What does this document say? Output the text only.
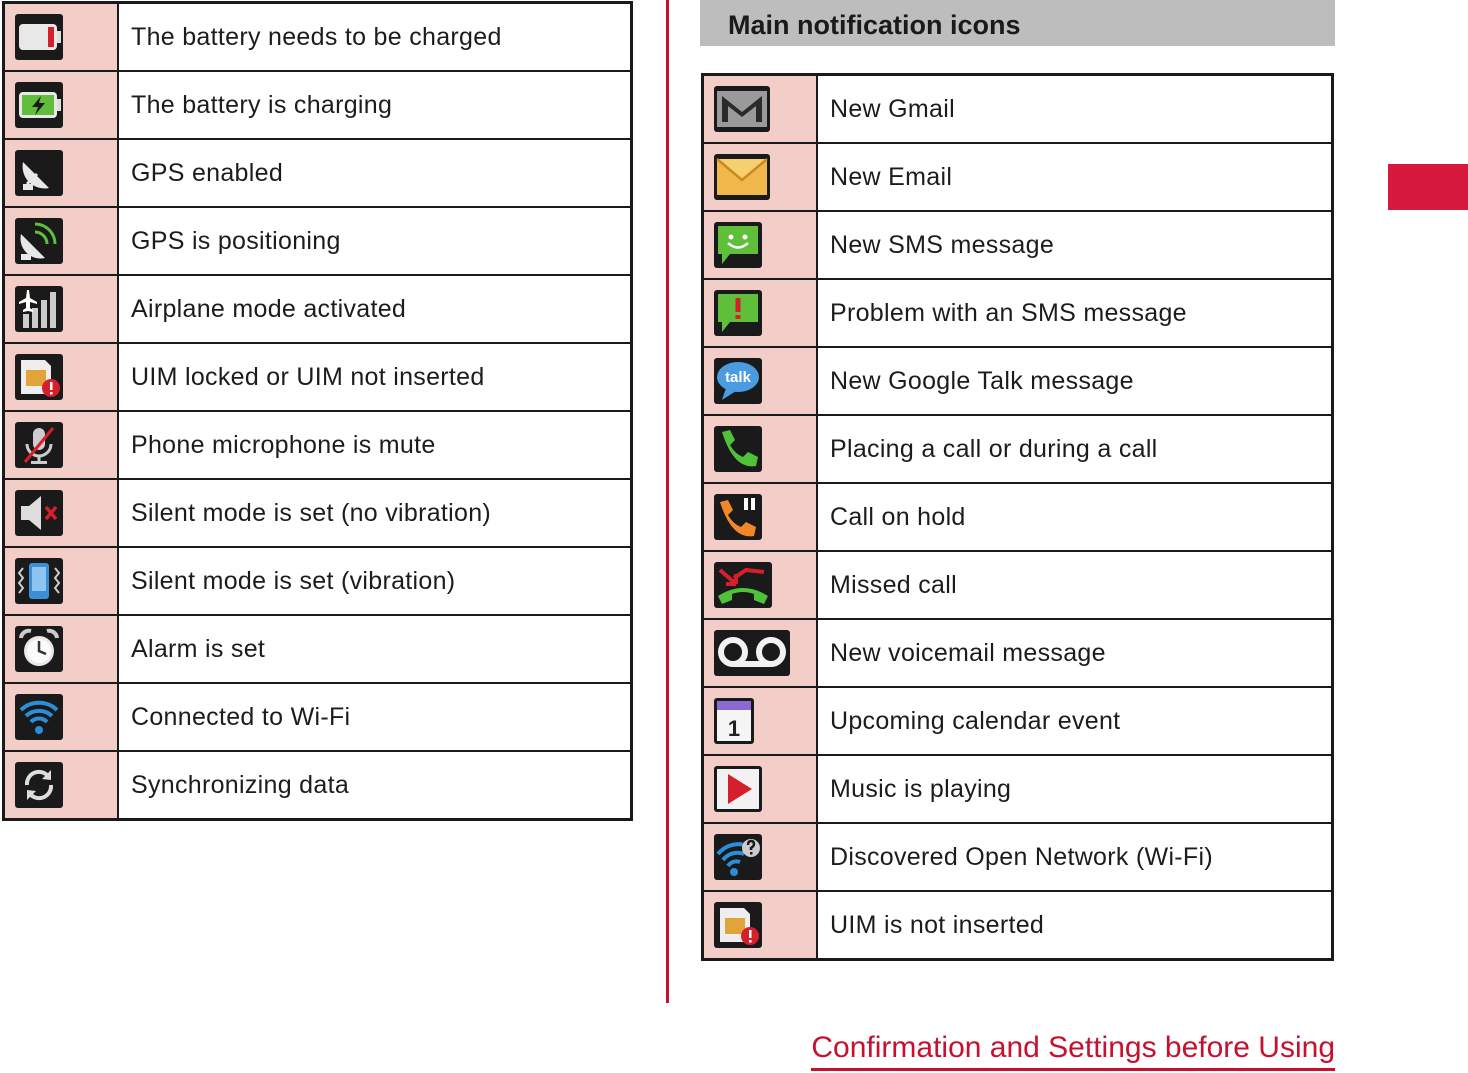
	The battery needs to be charged

	The battery is charging

	GPS enabled

	GPS is positioning

	Airplane mode activated

	UIM locked or UIM not inserted

	Phone microphone is mute

	Silent mode is set (no vibration)

	Silent mode is set (vibration)

	Alarm is set

	Connected to Wi-Fi

	Synchronizing data
Main notification icons
	New Gmail

	New Email

	New SMS message

	Problem with an SMS message

talk	New Google Talk message

	Placing a call or during a call

	Call on hold

	Missed call

	New voicemail message

1	Upcoming calendar event

	Music is playing

	Discovered Open Network (Wi-Fi)

	UIM is not inserted
Confirmation and Settings before Using
